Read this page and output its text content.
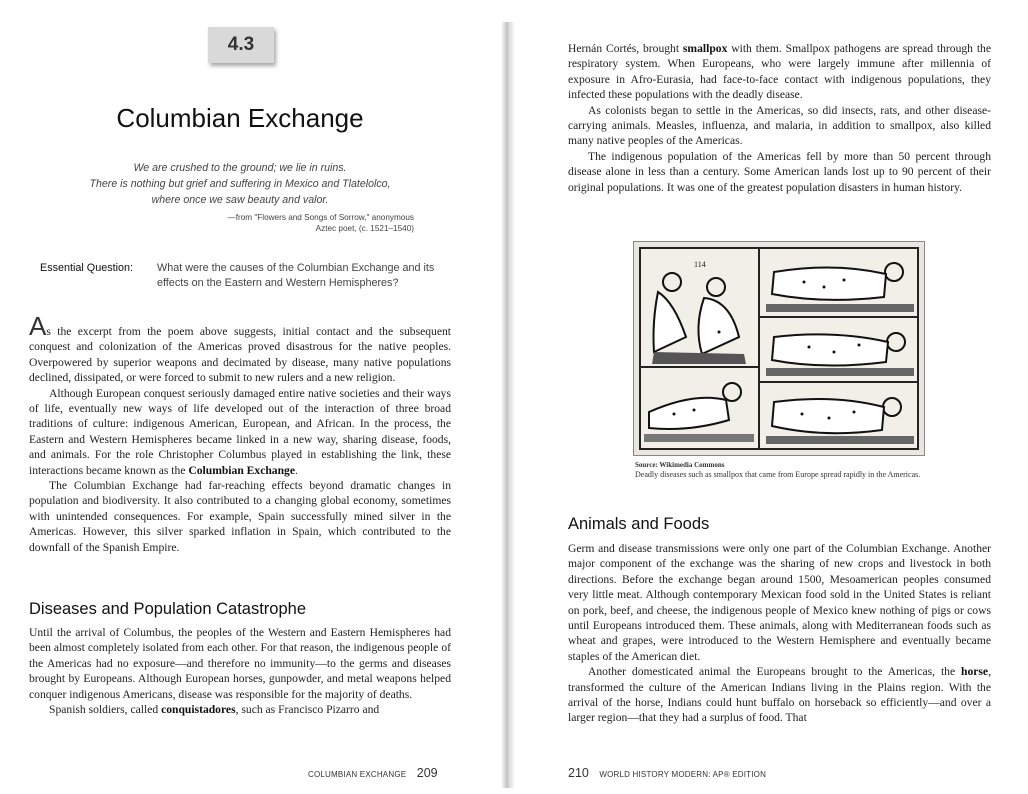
4.3
Columbian Exchange
We are crushed to the ground; we lie in ruins.
There is nothing but grief and suffering in Mexico and Tlatelolco,
where once we saw beauty and valor.
—from "Flowers and Songs of Sorrow," anonymous
Aztec poet, (c. 1521–1540)
Essential Question: What were the causes of the Columbian Exchange and its effects on the Eastern and Western Hemispheres?

As the excerpt from the poem above suggests, initial contact and the subsequent conquest and colonization of the Americas proved disastrous for the native peoples. Overpowered by superior weapons and decimated by disease, many native populations declined, dissipated, or were forced to submit to new rulers and a new religion.

Although European conquest seriously damaged entire native societies and their ways of life, eventually new ways of life developed out of the interaction of three broad traditions of culture: indigenous American, European, and African. In the process, the Eastern and Western Hemispheres became linked in a new way, sharing disease, foods, and animals. For the role Christopher Columbus played in establishing the link, these interactions became known as the Columbian Exchange.

The Columbian Exchange had far-reaching effects beyond dramatic changes in population and biodiversity. It also contributed to a changing global economy, sometimes with unintended consequences. For example, Spain successfully mined silver in the Americas. However, this silver sparked inflation in Spain, which contributed to the downfall of the Spanish Empire.

Diseases and Population Catastrophe

Until the arrival of Columbus, the peoples of the Western and Eastern Hemispheres had been almost completely isolated from each other. For that reason, the indigenous people of the Americas had no exposure—and therefore no immunity—to the germs and diseases brought by Europeans. Although European horses, gunpowder, and metal weapons helped conquer indigenous Americans, disease was responsible for the majority of deaths.

Spanish soldiers, called conquistadores, such as Francisco Pizarro and

COLUMBIAN EXCHANGE 209

Hernán Cortés, brought smallpox with them. Smallpox pathogens are spread through the respiratory system. When Europeans, who were largely immune after millennia of exposure in Afro-Eurasia, had face-to-face contact with indigenous populations, they infected these populations with the deadly disease.

As colonists began to settle in the Americas, so did insects, rats, and other disease-carrying animals. Measles, influenza, and malaria, in addition to smallpox, also killed many native peoples of the Americas.

The indigenous population of the Americas fell by more than 50 percent through disease alone in less than a century. Some American lands lost up to 90 percent of their original populations. It was one of the greatest population disasters in human history.

114
Source: Wikimedia Commons
Deadly diseases such as smallpox that came from Europe spread rapidly in the Americas.
Animals and Foods

Germ and disease transmissions were only one part of the Columbian Exchange. Another major component of the exchange was the sharing of new crops and livestock in both directions. Before the exchange began around 1500, Mesoamerican peoples consumed very little meat. Although contemporary Mexican food sold in the United States is reliant on pork, beef, and cheese, the indigenous people of Mexico knew nothing of pigs or cows until Europeans introduced them. These animals, along with Mediterranean foods such as wheat and grapes, were introduced to the Western Hemisphere and eventually became staples of the American diet.

Another domesticated animal the Europeans brought to the Americas, the horse, transformed the culture of the American Indians living in the Plains region. With the arrival of the horse, Indians could hunt buffalo on horseback so efficiently—and over a larger region—that they had a surplus of food. That

210 WORLD HISTORY MODERN: AP® EDITION
